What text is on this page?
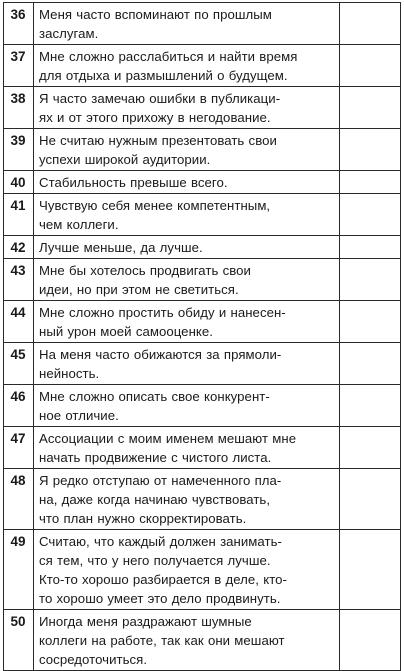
36	Меня часто вспоминают по прошлым
заслугам.	

37	Мне сложно расслабиться и найти время
для отдыха и размышлений о будущем.	

38	Я часто замечаю ошибки в публикаци-
ях и от этого прихожу в негодование.	

39	Не считаю нужным презентовать свои
успехи широкой аудитории.	

40	Стабильность превыше всего.	

41	Чувствую себя менее компетентным,
чем коллеги.	

42	Лучше меньше, да лучше.	

43	Мне бы хотелось продвигать свои
идеи, но при этом не светиться.	

44	Мне сложно простить обиду и нанесен-
ный урон моей самооценке.	

45	На меня часто обижаются за прямоли-
нейность.	

46	Мне сложно описать свое конкурент-
ное отличие.	

47	Ассоциации с моим именем мешают мне
начать продвижение с чистого листа.	

48	Я редко отступаю от намеченного пла-
на, даже когда начинаю чувствовать,
что план нужно скорректировать.	

49	Считаю, что каждый должен занимать-
ся тем, что у него получается лучше.
Кто-то хорошо разбирается в деле, кто-
то хорошо умеет это дело продвинуть.	

50	Иногда меня раздражают шумные
коллеги на работе, так как они мешают
сосредоточиться.	
